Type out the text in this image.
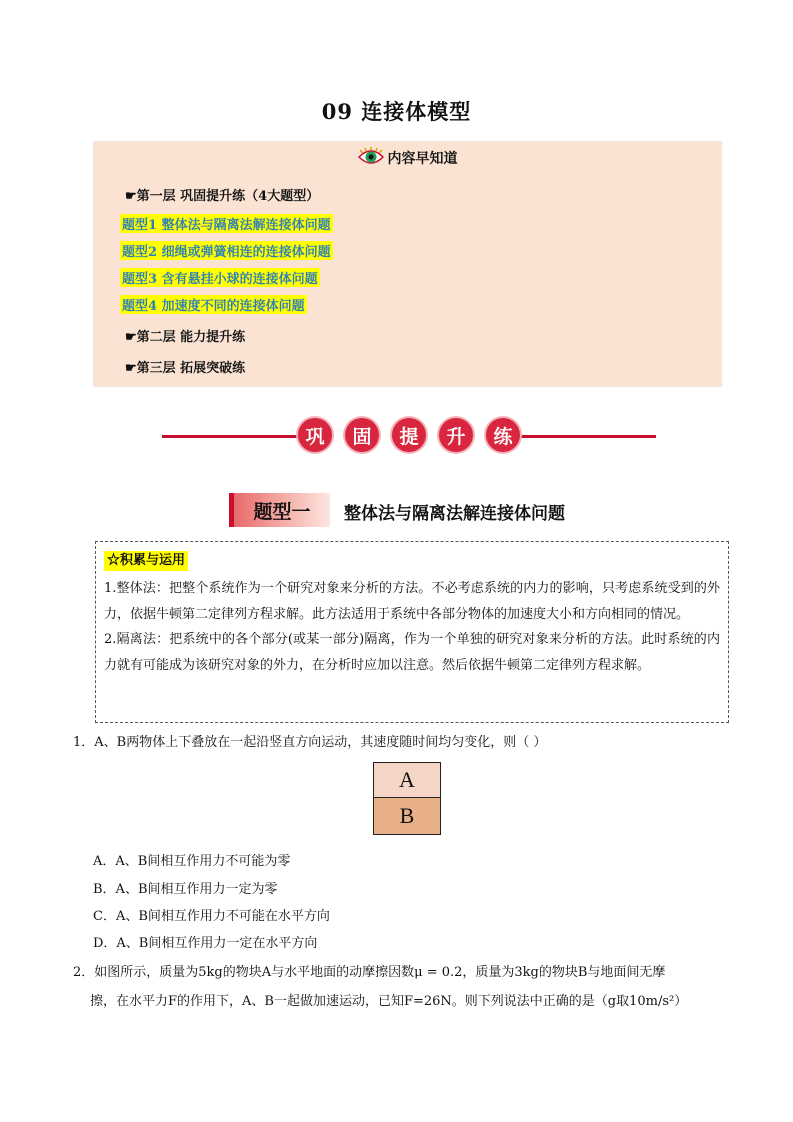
09 连接体模型
内容早知道
☛第一层 巩固提升练（4大题型）
题型1 整体法与隔离法解连接体问题
题型2 细绳或弹簧相连的连接体问题
题型3 含有悬挂小球的连接体问题
题型4 加速度不同的连接体问题
☛第二层 能力提升练
☛第三层 拓展突破练
巩	固	提	升	练
题型一	整体法与隔离法解连接体问题
☆积累与运用

1.整体法：把整个系统作为一个研究对象来分析的方法。不必考虑系统的内力的影响，只考虑系统受到的外力，依据牛顿第二定律列方程求解。此方法适用于系统中各部分物体的加速度大小和方向相同的情况。

2.隔离法：把系统中的各个部分(或某一部分)隔离，作为一个单独的研究对象来分析的方法。此时系统的内力就有可能成为该研究对象的外力，在分析时应加以注意。然后依据牛顿第二定律列方程求解。

1．A、B两物体上下叠放在一起沿竖直方向运动，其速度随时间均匀变化，则（ ）
A
B
A．A、B间相互作用力不可能为零
B．A、B间相互作用力一定为零
C．A、B间相互作用力不可能在水平方向
D．A、B间相互作用力一定在水平方向
2．如图所示，质量为5kg的物块A与水平地面的动摩擦因数μ = 0.2，质量为3kg的物块B与地面间无摩
擦，在水平力F的作用下，A、B一起做加速运动，已知F=26N。则下列说法中正确的是（g取10m/s²）
